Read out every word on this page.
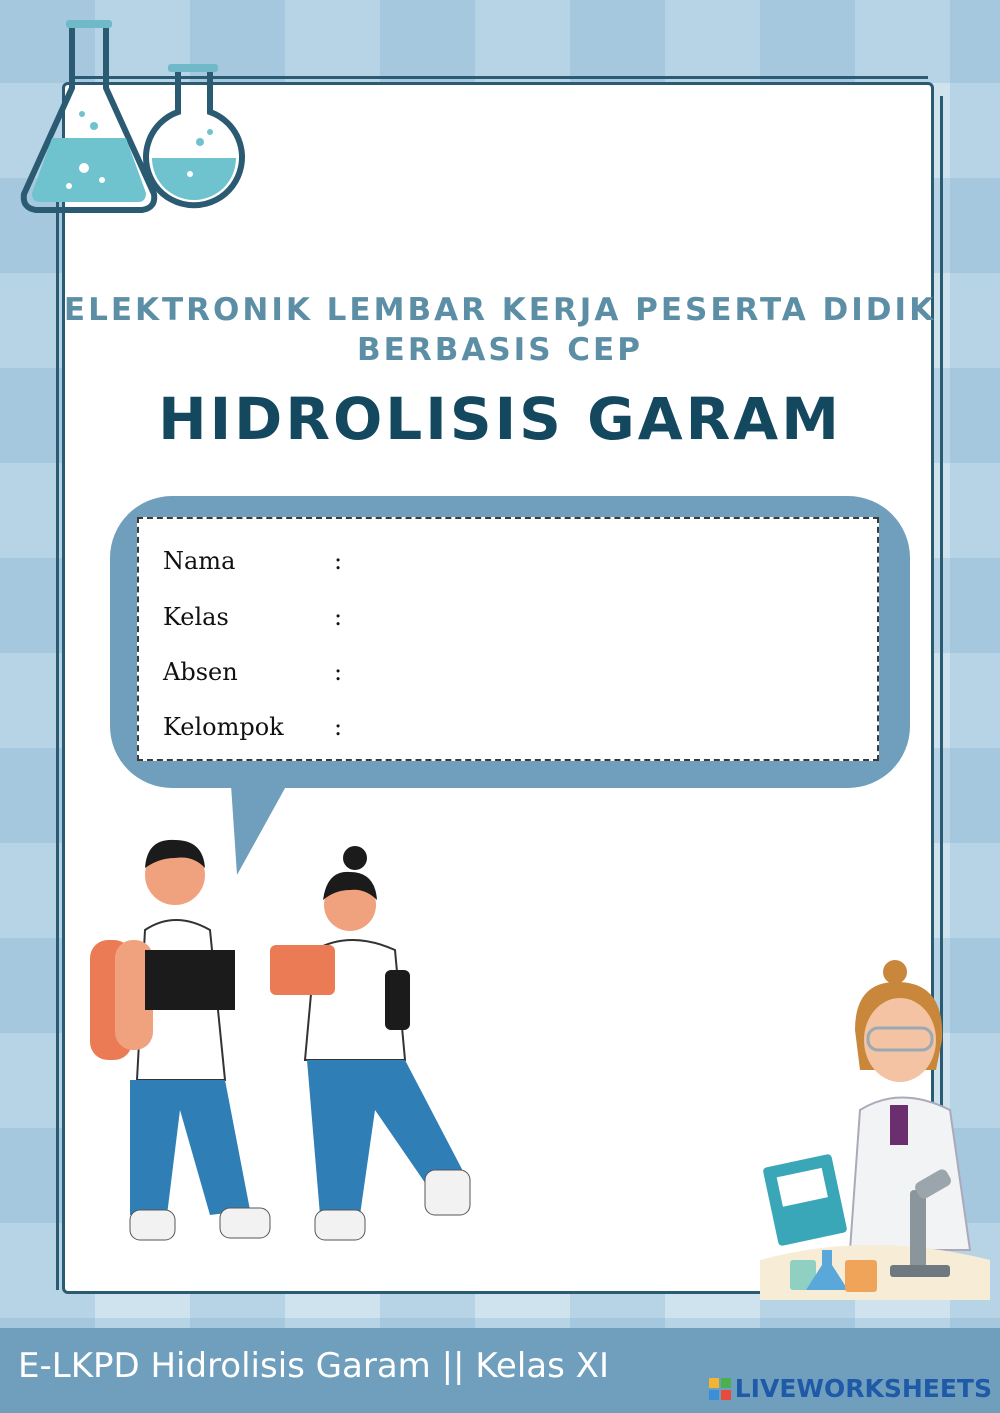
ELEKTRONIK LEMBAR KERJA PESERTA DIDIK
BERBASIS CEP
HIDROLISIS GARAM
Nama	:
Kelas	:
Absen	:
Kelompok :
E-LKPD Hidrolisis Garam || Kelas XI
LIVEWORKSHEETS
